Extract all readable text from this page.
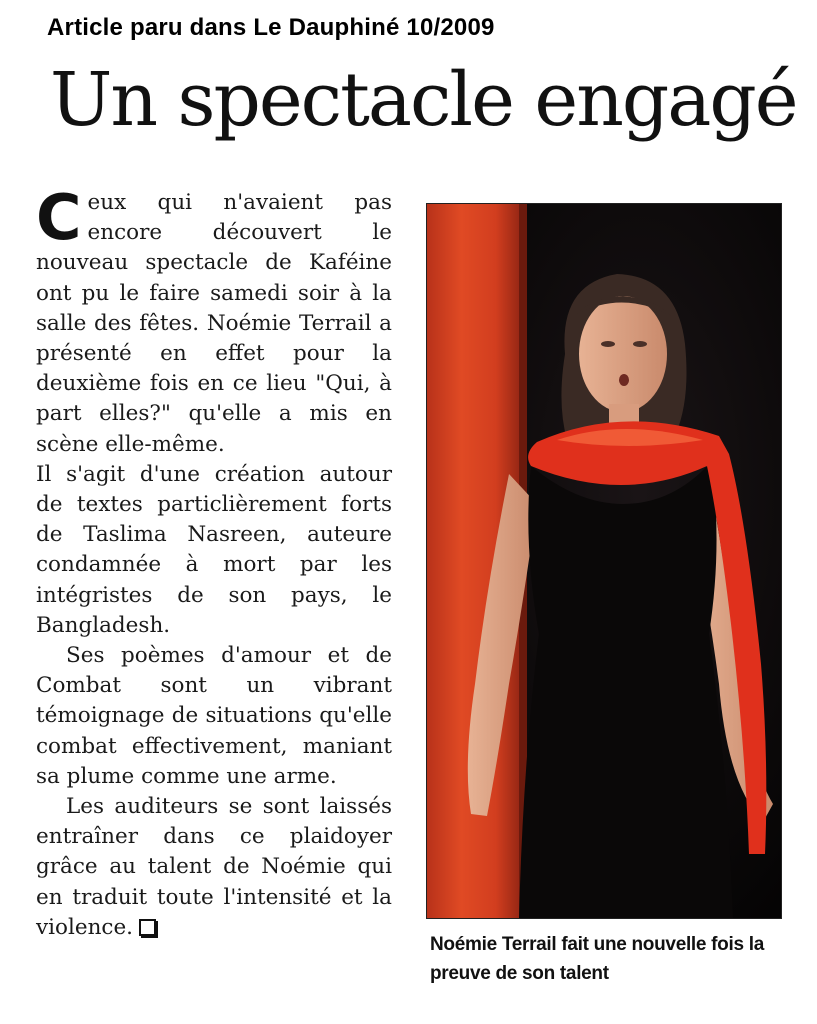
Article paru dans Le Dauphiné 10/2009
Un spectacle engagé

Ceux qui n'avaient pas encore découvert le nouveau spectacle de Kaféine ont pu le faire samedi soir à la salle des fêtes. Noémie Terrail a présenté en effet pour la deuxième fois en ce lieu "Qui, à part elles?" qu'elle a mis en scène elle-même.

Il s'agit d'une création autour de textes particlièrement forts de Taslima Nasreen, auteure condamnée à mort par les intégristes de son pays, le Bangladesh.

Ses poèmes d'amour et de Combat sont un vibrant témoignage de situations qu'elle combat effectivement, maniant sa plume comme une arme.

Les auditeurs se sont laissés entraîner dans ce plaidoyer grâce au talent de Noémie qui en traduit toute l'intensité et la violence.

Noémie Terrail fait une nouvelle fois la preuve de son talent
